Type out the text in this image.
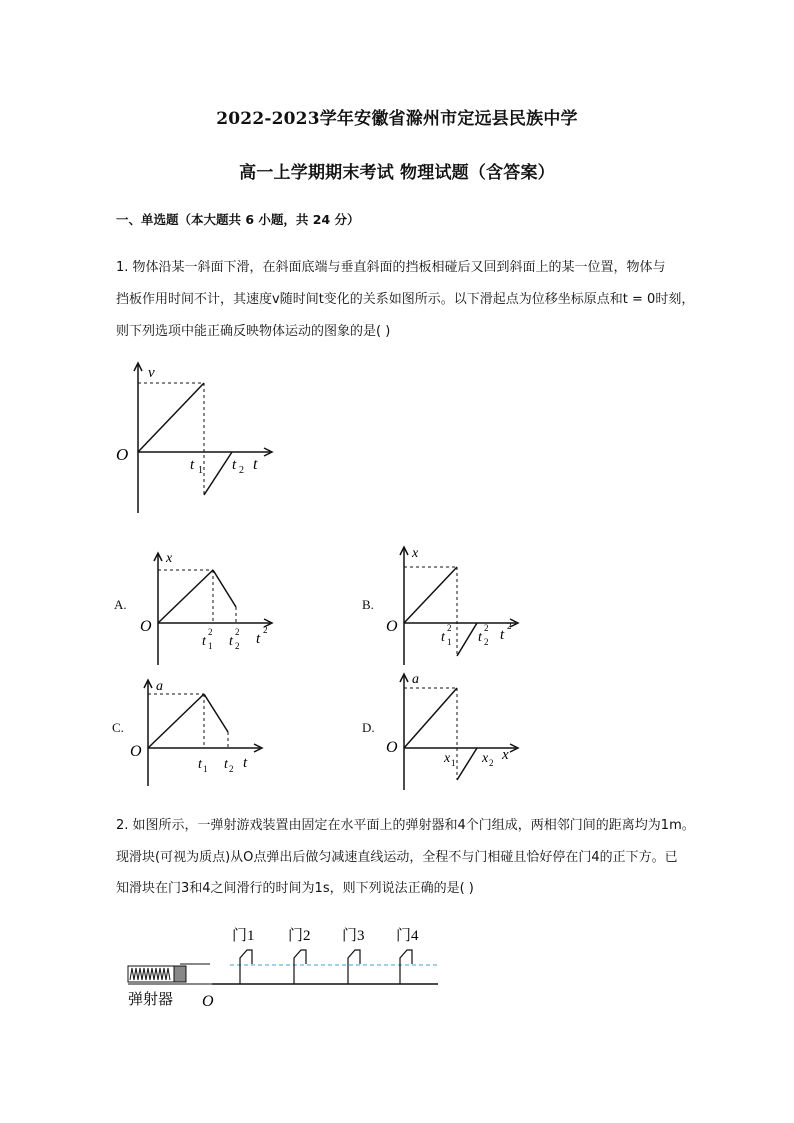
2022-2023学年安徽省滁州市定远县民族中学
高一上学期期末考试 物理试题（含答案）
一、单选题（本大题共 6 小题，共 24 分）
1. 物体沿某一斜面下滑，在斜面底端与垂直斜面的挡板相碰后又回到斜面上的某一位置，物体与
挡板作用时间不计，其速度v随时间t变化的关系如图所示。以下滑起点为位移坐标原点和t = 0时刻，
则下列选项中能正确反映物体运动的图象的是( )
v
O
t 1 t 2 t
A.
x
O
t
2
1 t
2
2 t
2
B.
x
O
t
2
1 t
2
2 t
2
C.
a
O
t 1 t 2 t
D.
a
O
x 1 x 2 x
2. 如图所示，一弹射游戏装置由固定在水平面上的弹射器和4个门组成，两相邻门间的距离均为1m。
现滑块(可视为质点)从O点弹出后做匀减速直线运动，全程不与门相碰且恰好停在门4的正下方。已
知滑块在门3和4之间滑行的时间为1s，则下列说法正确的是( )
门1 门2 门3 门4
弹射器 O
